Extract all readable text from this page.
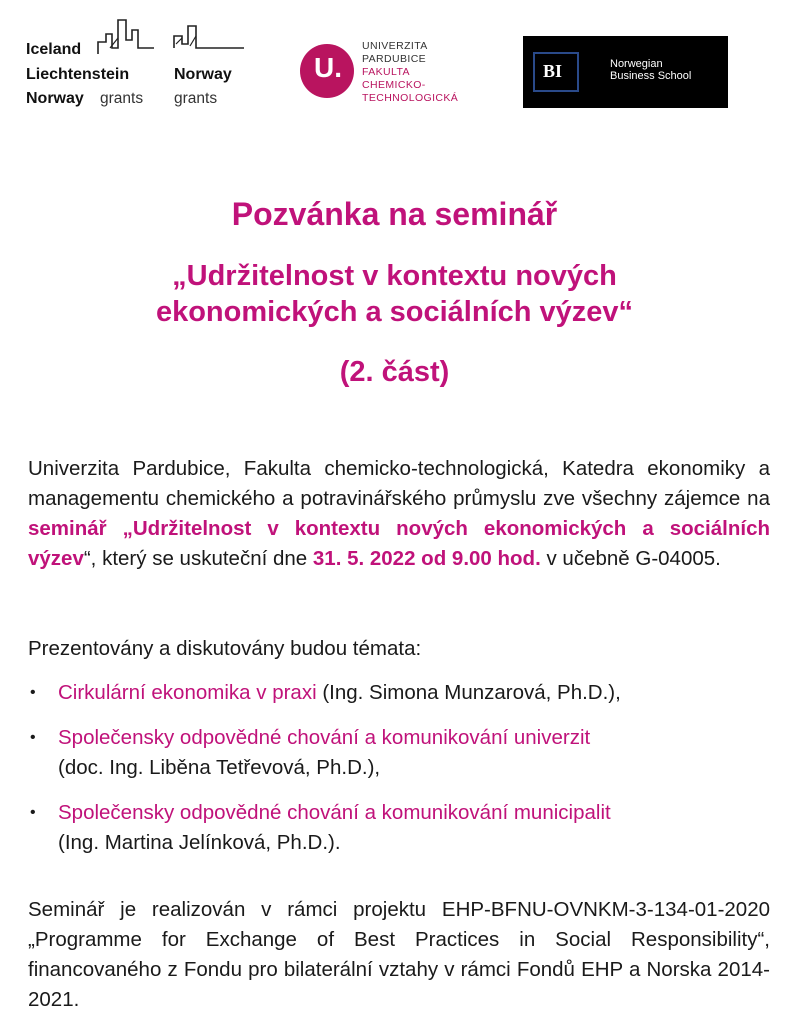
Iceland
Liechtenstein
Norway grants
Norway
grants
U.
UNIVERZITA
PARDUBICE
FAKULTA
CHEMICKO-
TECHNOLOGICKÁ
BI	Norwegian
Business School
Pozvánka na seminář
„Udržitelnost v kontextu nových
ekonomických a sociálních výzev“
(2. část)
Univerzita Pardubice, Fakulta chemicko-technologická, Katedra ekonomiky a managementu chemického a potravinářského průmyslu zve všechny zájemce na seminář „Udržitelnost v kontextu nových ekonomických a sociálních výzev“, který se uskuteční dne 31. 5. 2022 od 9.00 hod. v učebně G-04005.
Prezentovány a diskutovány budou témata:
• Cirkulární ekonomika v praxi (Ing. Simona Munzarová, Ph.D.),
• Společensky odpovědné chování a komunikování univerzit
(doc. Ing. Liběna Tetřevová, Ph.D.),
• Společensky odpovědné chování a komunikování municipalit
(Ing. Martina Jelínková, Ph.D.).
Seminář je realizován v rámci projektu EHP-BFNU-OVNKM-3-134-01-2020 „Programme for Exchange of Best Practices in Social Responsibility“, financovaného z Fondu pro bilaterální vztahy v rámci Fondů EHP a Norska 2014-2021.
